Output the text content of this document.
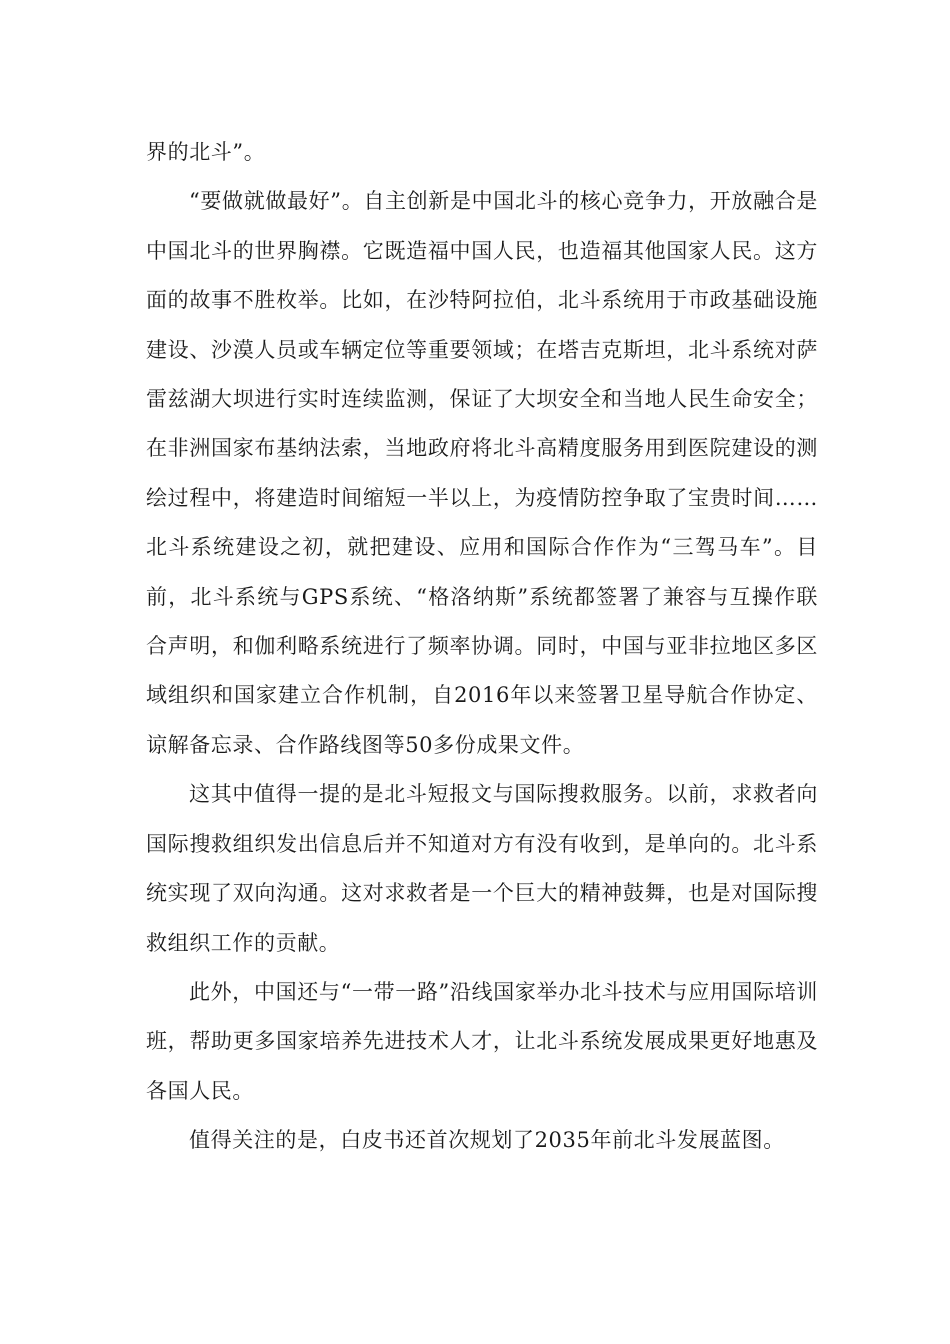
界的北斗”。

“要做就做最好”。自主创新是中国北斗的核心竞争力，开放融合是中国北斗的世界胸襟。它既造福中国人民，也造福其他国家人民。这方面的故事不胜枚举。比如，在沙特阿拉伯，北斗系统用于市政基础设施建设、沙漠人员或车辆定位等重要领域；在塔吉克斯坦，北斗系统对萨雷兹湖大坝进行实时连续监测，保证了大坝安全和当地人民生命安全；在非洲国家布基纳法索，当地政府将北斗高精度服务用到医院建设的测绘过程中，将建造时间缩短一半以上，为疫情防控争取了宝贵时间……北斗系统建设之初，就把建设、应用和国际合作作为“三驾马车”。目前，北斗系统与GPS系统、“格洛纳斯”系统都签署了兼容与互操作联合声明，和伽利略系统进行了频率协调。同时，中国与亚非拉地区多区域组织和国家建立合作机制，自2016年以来签署卫星导航合作协定、谅解备忘录、合作路线图等50多份成果文件。

这其中值得一提的是北斗短报文与国际搜救服务。以前，求救者向国际搜救组织发出信息后并不知道对方有没有收到，是单向的。北斗系统实现了双向沟通。这对求救者是一个巨大的精神鼓舞，也是对国际搜救组织工作的贡献。

此外，中国还与“一带一路”沿线国家举办北斗技术与应用国际培训班，帮助更多国家培养先进技术人才，让北斗系统发展成果更好地惠及各国人民。

值得关注的是，白皮书还首次规划了2035年前北斗发展蓝图。
